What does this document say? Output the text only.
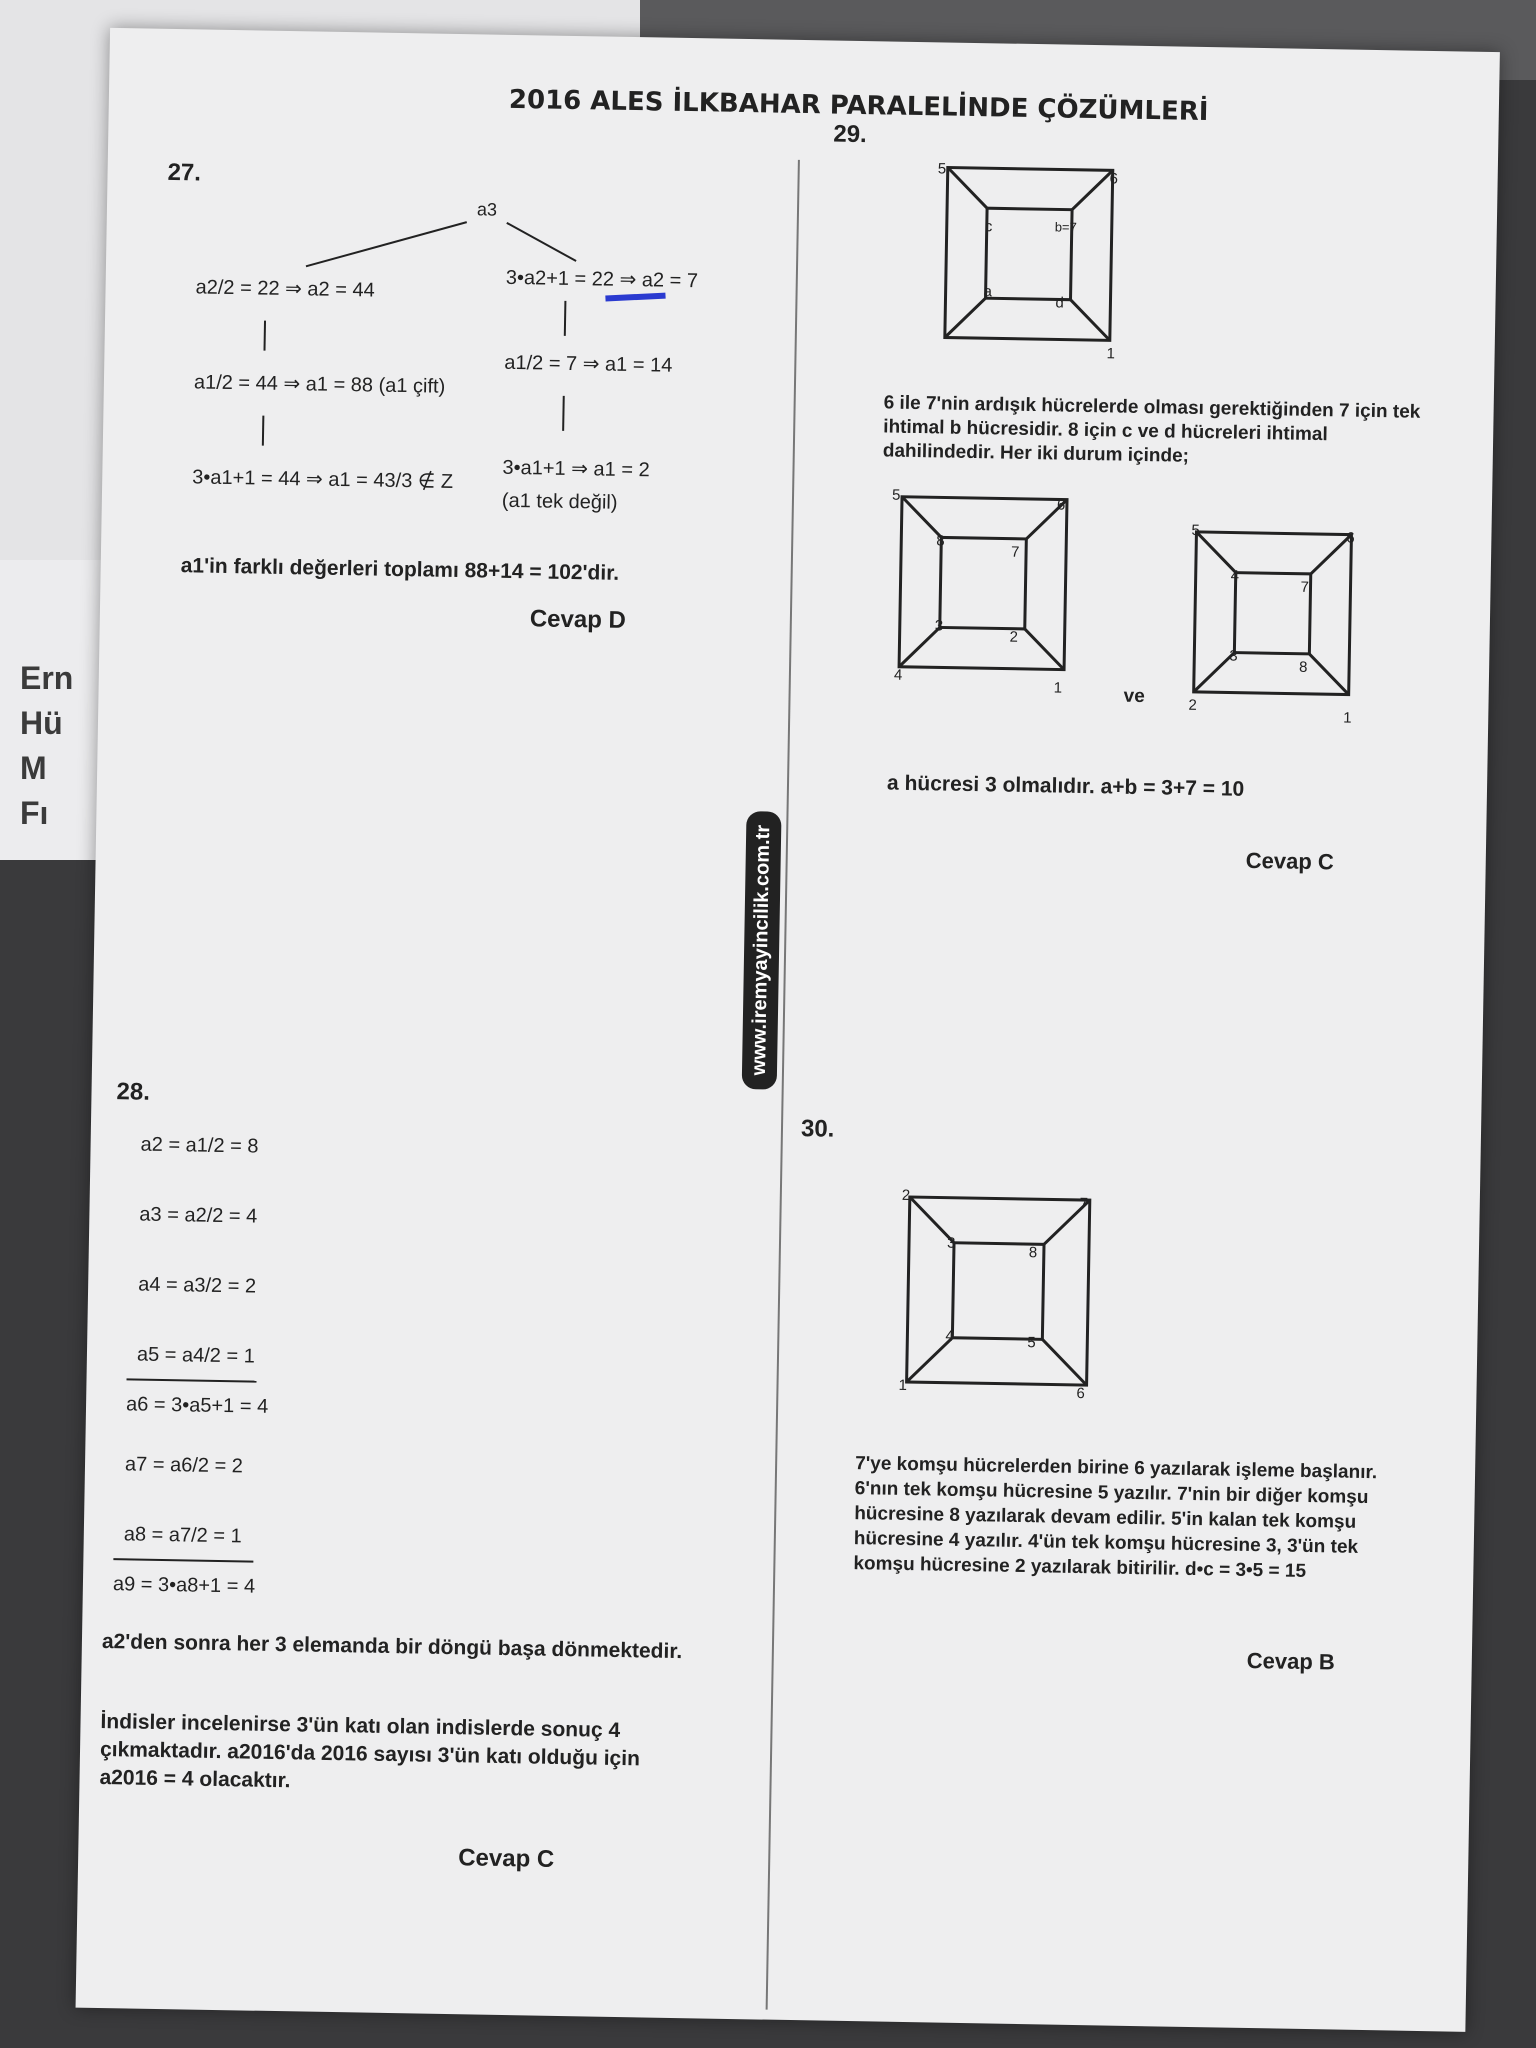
Ern
Hü
M
Fı
2016 ALES İLKBAHAR PARALELİNDE ÇÖZÜMLERİ
www.iremyayincilik.com.tr
27.
a3
a2/2 = 22 ⇒ a2 = 44
a1/2 = 44 ⇒ a1 = 88 (a1 çift)
3•a1+1 = 44 ⇒ a1 = 43/3 ∉ Z
3•a2+1 = 22 ⇒ a2 = 7
a1/2 = 7 ⇒ a1 = 14
3•a1+1 ⇒ a1 = 2
(a1 tek değil)
a1'in farklı değerleri toplamı 88+14 = 102'dir.
Cevap D
28.
a2 = a1/2 = 8
a3 = a2/2 = 4
a4 = a3/2 = 2
a5 = a4/2 = 1
a6 = 3•a5+1 = 4
a7 = a6/2 = 2
a8 = a7/2 = 1
a9 = 3•a8+1 = 4
a2'den sonra her 3 elemanda bir döngü başa dönmektedir.
İndisler incelenirse 3'ün katı olan indislerde sonuç 4 çıkmaktadır. a2016'da 2016 sayısı 3'ün katı olduğu için a2016 = 4 olacaktır.
Cevap C
29.
5
c	b=7
6
a
d
1
6 ile 7'nin ardışık hücrelerde olması gerektiğinden 7 için tek ihtimal b hücresidir. 8 için c ve d hücreleri ihtimal dahilindedir. Her iki durum içinde;
5
8
7
6
3
2
4
1	ve
5
4
7
6
3
8
2
1
a hücresi 3 olmalıdır. a+b = 3+7 = 10
Cevap C
30.
2
3
8
7
4	5
1	6
7'ye komşu hücrelerden birine 6 yazılarak işleme başlanır. 6'nın tek komşu hücresine 5 yazılır. 7'nin bir diğer komşu hücresine 8 yazılarak devam edilir. 5'in kalan tek komşu hücresine 4 yazılır. 4'ün tek komşu hücresine 3, 3'ün tek komşu hücresine 2 yazılarak bitirilir. d•c = 3•5 = 15
Cevap B
